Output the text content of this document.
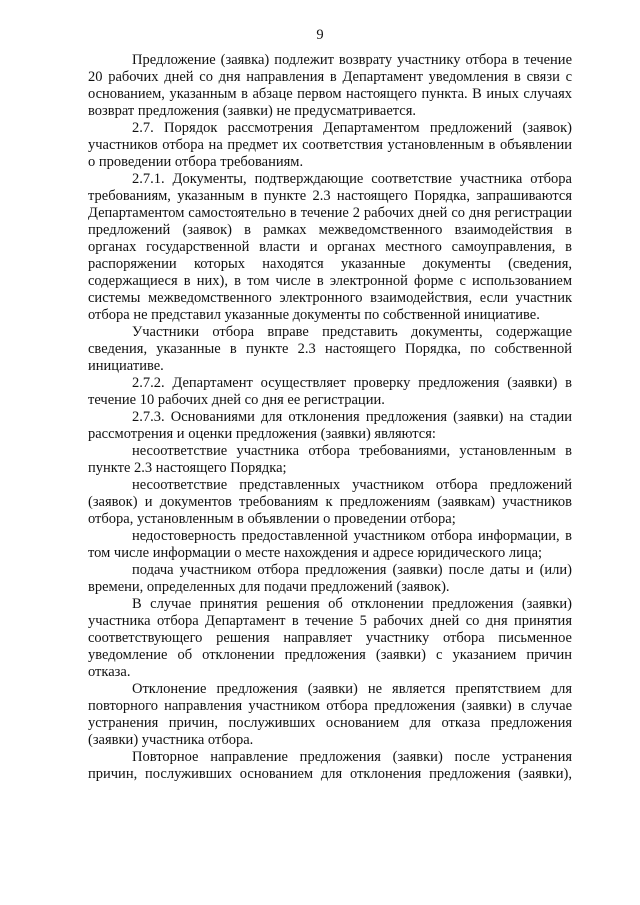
9

Предложение (заявка) подлежит возврату участнику отбора в течение 20 рабочих дней со дня направления в Департамент уведомления в связи с основанием, указанным в абзаце первом настоящего пункта. В иных случаях возврат предложения (заявки) не предусматривается.

2.7. Порядок рассмотрения Департаментом предложений (заявок) участников отбора на предмет их соответствия установленным в объявлении о проведении отбора требованиям.

2.7.1. Документы, подтверждающие соответствие участника отбора требованиям, указанным в пункте 2.3 настоящего Порядка, запрашиваются Департаментом самостоятельно в течение 2 рабочих дней со дня регистрации предложений (заявок) в рамках межведомственного взаимодействия в органах государственной власти и органах местного самоуправления, в распоряжении которых находятся указанные документы (сведения, содержащиеся в них), в том числе в электронной форме с использованием системы межведомственного электронного взаимодействия, если участник отбора не представил указанные документы по собственной инициативе.

Участники отбора вправе представить документы, содержащие сведения, указанные в пункте 2.3 настоящего Порядка, по собственной инициативе.

2.7.2. Департамент осуществляет проверку предложения (заявки) в течение 10 рабочих дней со дня ее регистрации.

2.7.3. Основаниями для отклонения предложения (заявки) на стадии рассмотрения и оценки предложения (заявки) являются:

несоответствие участника отбора требованиями, установленным в пункте 2.3 настоящего Порядка;

несоответствие представленных участником отбора предложений (заявок) и документов требованиям к предложениям (заявкам) участников отбора, установленным в объявлении о проведении отбора;

недостоверность предоставленной участником отбора информации, в том числе информации о месте нахождения и адресе юридического лица;

подача участником отбора предложения (заявки) после даты и (или) времени, определенных для подачи предложений (заявок).

В случае принятия решения об отклонении предложения (заявки) участника отбора Департамент в течение 5 рабочих дней со дня принятия соответствующего решения направляет участнику отбора письменное уведомление об отклонении предложения (заявки) с указанием причин отказа.

Отклонение предложения (заявки) не является препятствием для повторного направления участником отбора предложения (заявки) в случае устранения причин, послуживших основанием для отказа предложения (заявки) участника отбора.

Повторное направление предложения (заявки) после устранения причин, послуживших основанием для отклонения предложения (заявки),
